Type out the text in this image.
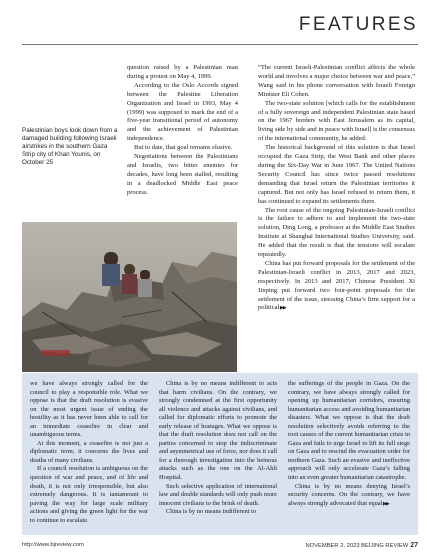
FEATURES
Palestinian boys look down from a damaged building following Israeli airstrikes in the southern Gaza Strip city of Khan Younis, on October 25

question raised by a Palestinian man during a protest on May 4, 1999.

According to the Oslo Accords signed between the Palestine Liberation Organization and Israel in 1993, May 4 (1999) was supposed to mark the end of a five-year transitional period of autonomy and the achievement of Palestinian independence.

But to date, that goal remains elusive.

Negotiations between the Palestinians and Israelis, two bitter enemies for decades, have long been stalled, resulting in a deadlocked Middle East peace process.

“The current Israeli-Palestinian conflict affects the whole world and involves a major choice between war and peace,” Wang said in his phone conversation with Israeli Foreign Minister Eli Cohen.

The two-state solution [which calls for the establishment of a fully sovereign and independent Palestinian state based on the 1967 borders with East Jerusalem as its capital, living side by side and in peace with Israel] is the consensus of the international community, he added.

The historical background of this solution is that Israel occupied the Gaza Strip, the West Bank and other places during the Six-Day War in June 1967. The United Nations Security Council has since twice passed resolutions demanding that Israel return the Palestinian territories it captured. But not only has Israel refused to return them, it has continued to expand its settlements there.

The root cause of the ongoing Palestinian-Israeli conflict is the failure to adhere to and implement the two-state solution, Ding Long, a professor at the Middle East Studies Institute at Shanghai International Studies University, said. He added that the result is that the tensions will escalate repeatedly.

China has put forward proposals for the settlement of the Palestinian-Israeli conflict in 2013, 2017 and 2023, respectively. In 2013 and 2017, Chinese President Xi Jinping put forward two four-point proposals for the settlement of the issue, stressing China’s firm support for a political ▶▶

we have always strongly called for the council to play a responsible role. What we oppose is that the draft resolution is evasive on the most urgent issue of ending the hostility as it has never been able to call for an immediate ceasefire in clear and unambiguous terms.

At this moment, a ceasefire is not just a diplomatic term; it concerns the lives and deaths of many civilians.

If a council resolution is ambiguous on the question of war and peace, and of life and death, it is not only irresponsible, but also extremely dangerous. It is tantamount to paving the way for large scale military actions and giving the green light for the war to continue to escalate.

China is by no means indifferent to acts that harm civilians. On the contrary, we strongly condemned at the first opportunity all violence and attacks against civilians, and called for diplomatic efforts to promote the early release of hostages. What we oppose is that the draft resolution does not call on the parties concerned to stop the indiscriminate and asymmetrical use of force, nor does it call for a thorough investigation into the heinous attacks such as the one on the Al-Ahli Hospital.

Such selective application of international law and double standards will only push more innocent civilians to the brink of death.

China is by no means indifferent to

the sufferings of the people in Gaza. On the contrary, we have always strongly called for opening up humanitarian corridors, ensuring humanitarian access and avoiding humanitarian disasters. What we oppose is that the draft resolution selectively avoids referring to the root causes of the current humanitarian crisis in Gaza and fails to urge Israel to lift its full siege on Gaza and to rescind the evacuation order for northern Gaza. Such an evasive and ineffective approach will only accelerate Gaza’s falling into an even greater humanitarian catastrophe.

China is by no means denying Israel’s security concerns. On the contrary, we have always strongly advocated that equal ▶▶

http://www.bjreview.com	NOVEMBER 2, 2023 BEIJING REVIEW 27
